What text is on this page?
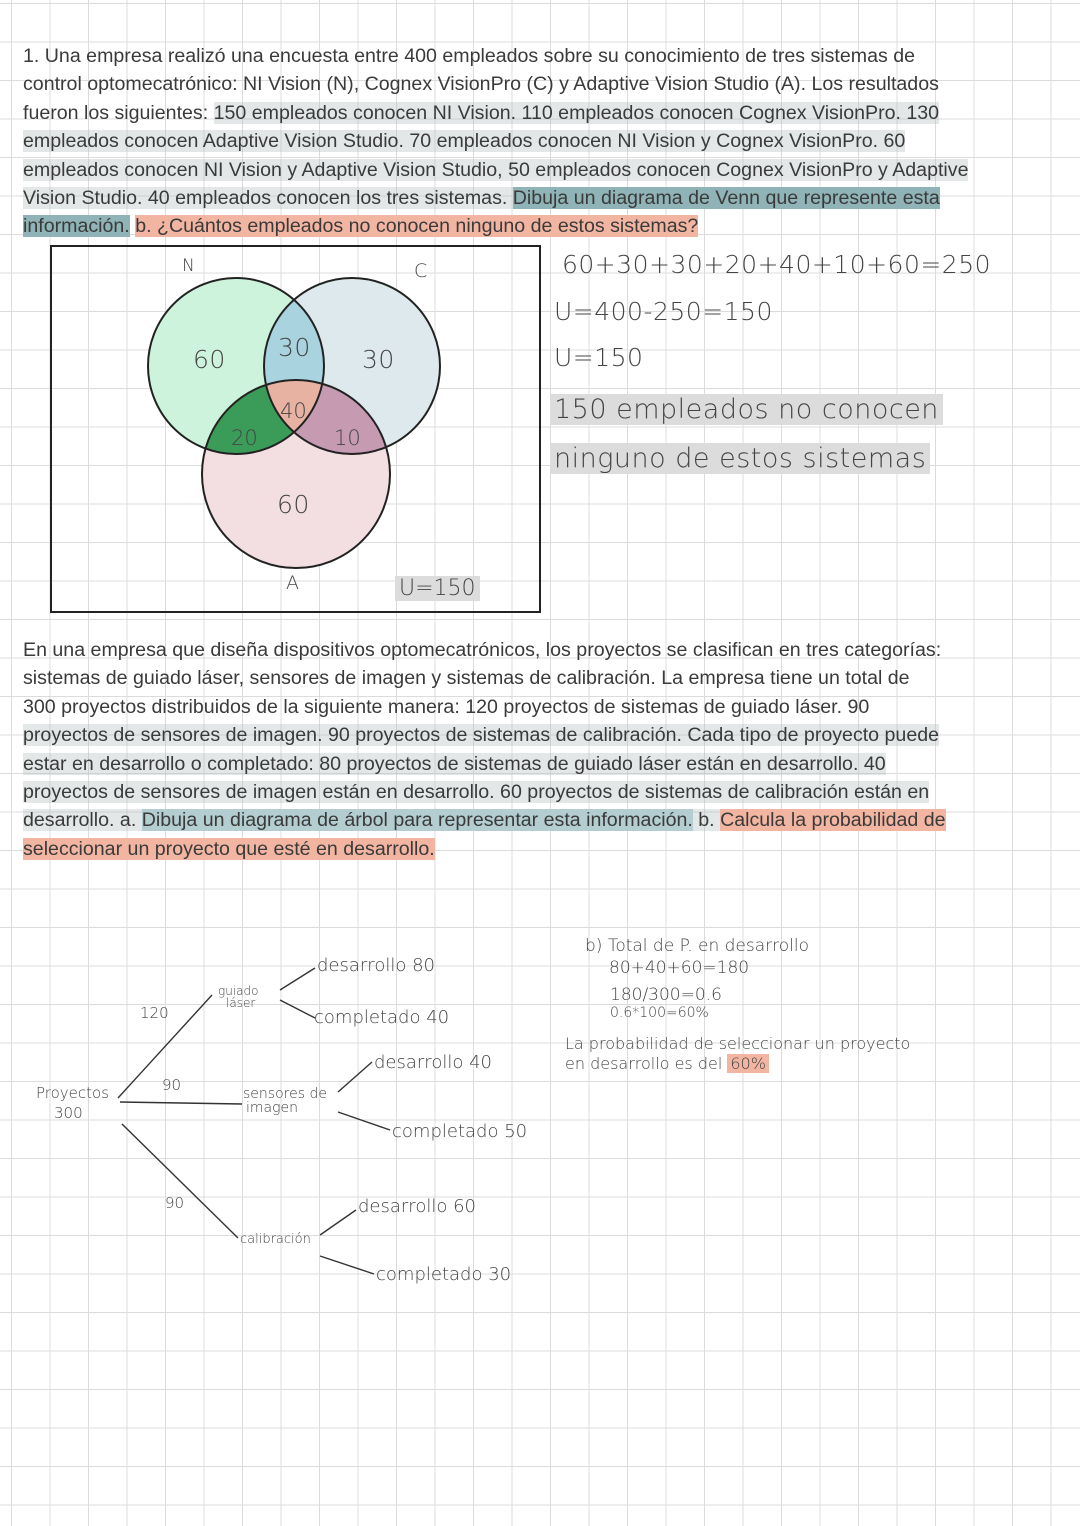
1. Una empresa realizó una encuesta entre 400 empleados sobre su conocimiento de tres sistemas de
control optomecatrónico: NI Vision (N), Cognex VisionPro (C) y Adaptive Vision Studio (A). Los resultados
fueron los siguientes: 150 empleados conocen NI Vision. 110 empleados conocen Cognex VisionPro. 130
empleados conocen Adaptive Vision Studio. 70 empleados conocen NI Vision y Cognex VisionPro. 60
empleados conocen NI Vision y Adaptive Vision Studio, 50 empleados conocen Cognex VisionPro y Adaptive
Vision Studio. 40 empleados conocen los tres sistemas. Dibuja un diagrama de Venn que represente esta
información. b. ¿Cuántos empleados no conocen ninguno de estos sistemas?
N	C
A
60 30 30
40
20	10
60
U=150
60+30+30+20+40+10+60=250
U=400-250=150
U=150
150 empleados no conocen
ninguno de estos sistemas
En una empresa que diseña dispositivos optomecatrónicos, los proyectos se clasifican en tres categorías:
sistemas de guiado láser, sensores de imagen y sistemas de calibración. La empresa tiene un total de
300 proyectos distribuidos de la siguiente manera: 120 proyectos de sistemas de guiado láser. 90
proyectos de sensores de imagen. 90 proyectos de sistemas de calibración. Cada tipo de proyecto puede
estar en desarrollo o completado: 80 proyectos de sistemas de guiado láser están en desarrollo. 40
proyectos de sensores de imagen están en desarrollo. 60 proyectos de sistemas de calibración están en
desarrollo. a. Dibuja un diagrama de árbol para representar esta información. b. Calcula la probabilidad de
seleccionar un proyecto que esté en desarrollo.
Proyectos
300
120
90
90
guiado
láser
sensores de
imagen
calibración
desarrollo 80
completado 40
desarrollo 40
completado 50
desarrollo 60
completado 30
b) Total de P. en desarrollo
80+40+60=180
180/300=0.6
0.6*100=60%
La probabilidad de seleccionar un proyecto
en desarrollo es del 60%
